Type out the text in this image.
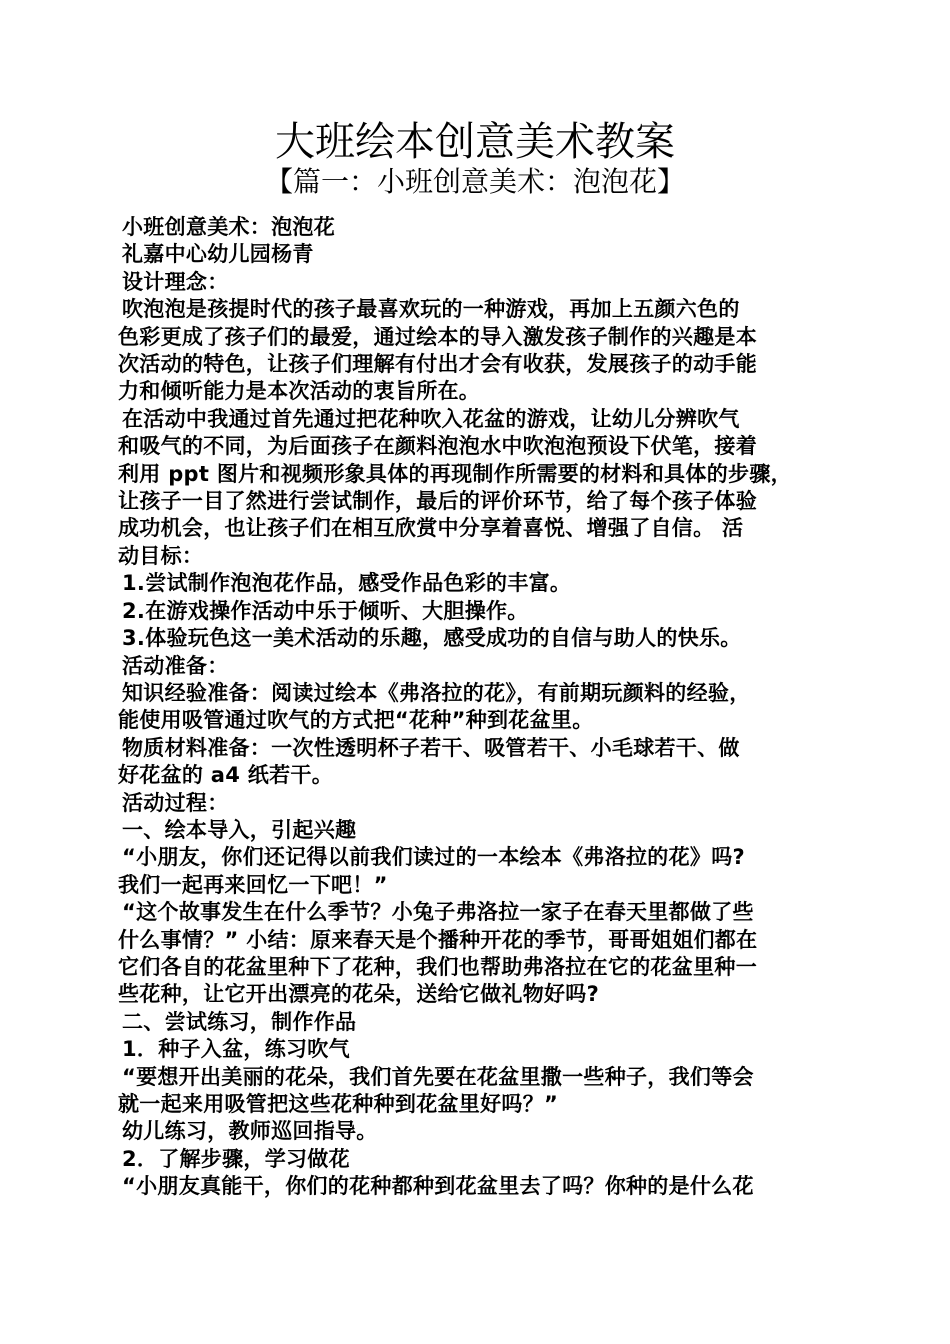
大班绘本创意美术教案
【篇一：小班创意美术：泡泡花】
小班创意美术：泡泡花
礼嘉中心幼儿园杨青
设计理念：
吹泡泡是孩提时代的孩子最喜欢玩的一种游戏，再加上五颜六色的
色彩更成了孩子们的最爱，通过绘本的导入激发孩子制作的兴趣是本
次活动的特色，让孩子们理解有付出才会有收获，发展孩子的动手能
力和倾听能力是本次活动的衷旨所在。
在活动中我通过首先通过把花种吹入花盆的游戏，让幼儿分辨吹气
和吸气的不同，为后面孩子在颜料泡泡水中吹泡泡预设下伏笔，接着
利用 ppt 图片和视频形象具体的再现制作所需要的材料和具体的步骤，
让孩子一目了然进行尝试制作，最后的评价环节，给了每个孩子体验
成功机会，也让孩子们在相互欣赏中分享着喜悦、增强了自信。 活
动目标：
1.尝试制作泡泡花作品，感受作品色彩的丰富。
2.在游戏操作活动中乐于倾听、大胆操作。
3.体验玩色这一美术活动的乐趣，感受成功的自信与助人的快乐。
活动准备：
知识经验准备：阅读过绘本《弗洛拉的花》，有前期玩颜料的经验，
能使用吸管通过吹气的方式把“花种”种到花盆里。
物质材料准备：一次性透明杯子若干、吸管若干、小毛球若干、做
好花盆的 a4 纸若干。
活动过程：
一、绘本导入，引起兴趣
“小朋友，你们还记得以前我们读过的一本绘本《弗洛拉的花》吗?
我们一起再来回忆一下吧！”
“这个故事发生在什么季节？小兔子弗洛拉一家子在春天里都做了些
什么事情？” 小结：原来春天是个播种开花的季节，哥哥姐姐们都在
它们各自的花盆里种下了花种，我们也帮助弗洛拉在它的花盆里种一
些花种，让它开出漂亮的花朵，送给它做礼物好吗?
二、尝试练习，制作作品
1．种子入盆，练习吹气
“要想开出美丽的花朵，我们首先要在花盆里撒一些种子，我们等会
就一起来用吸管把这些花种种到花盆里好吗？”
幼儿练习，教师巡回指导。
2．了解步骤，学习做花
“小朋友真能干，你们的花种都种到花盆里去了吗？你种的是什么花
